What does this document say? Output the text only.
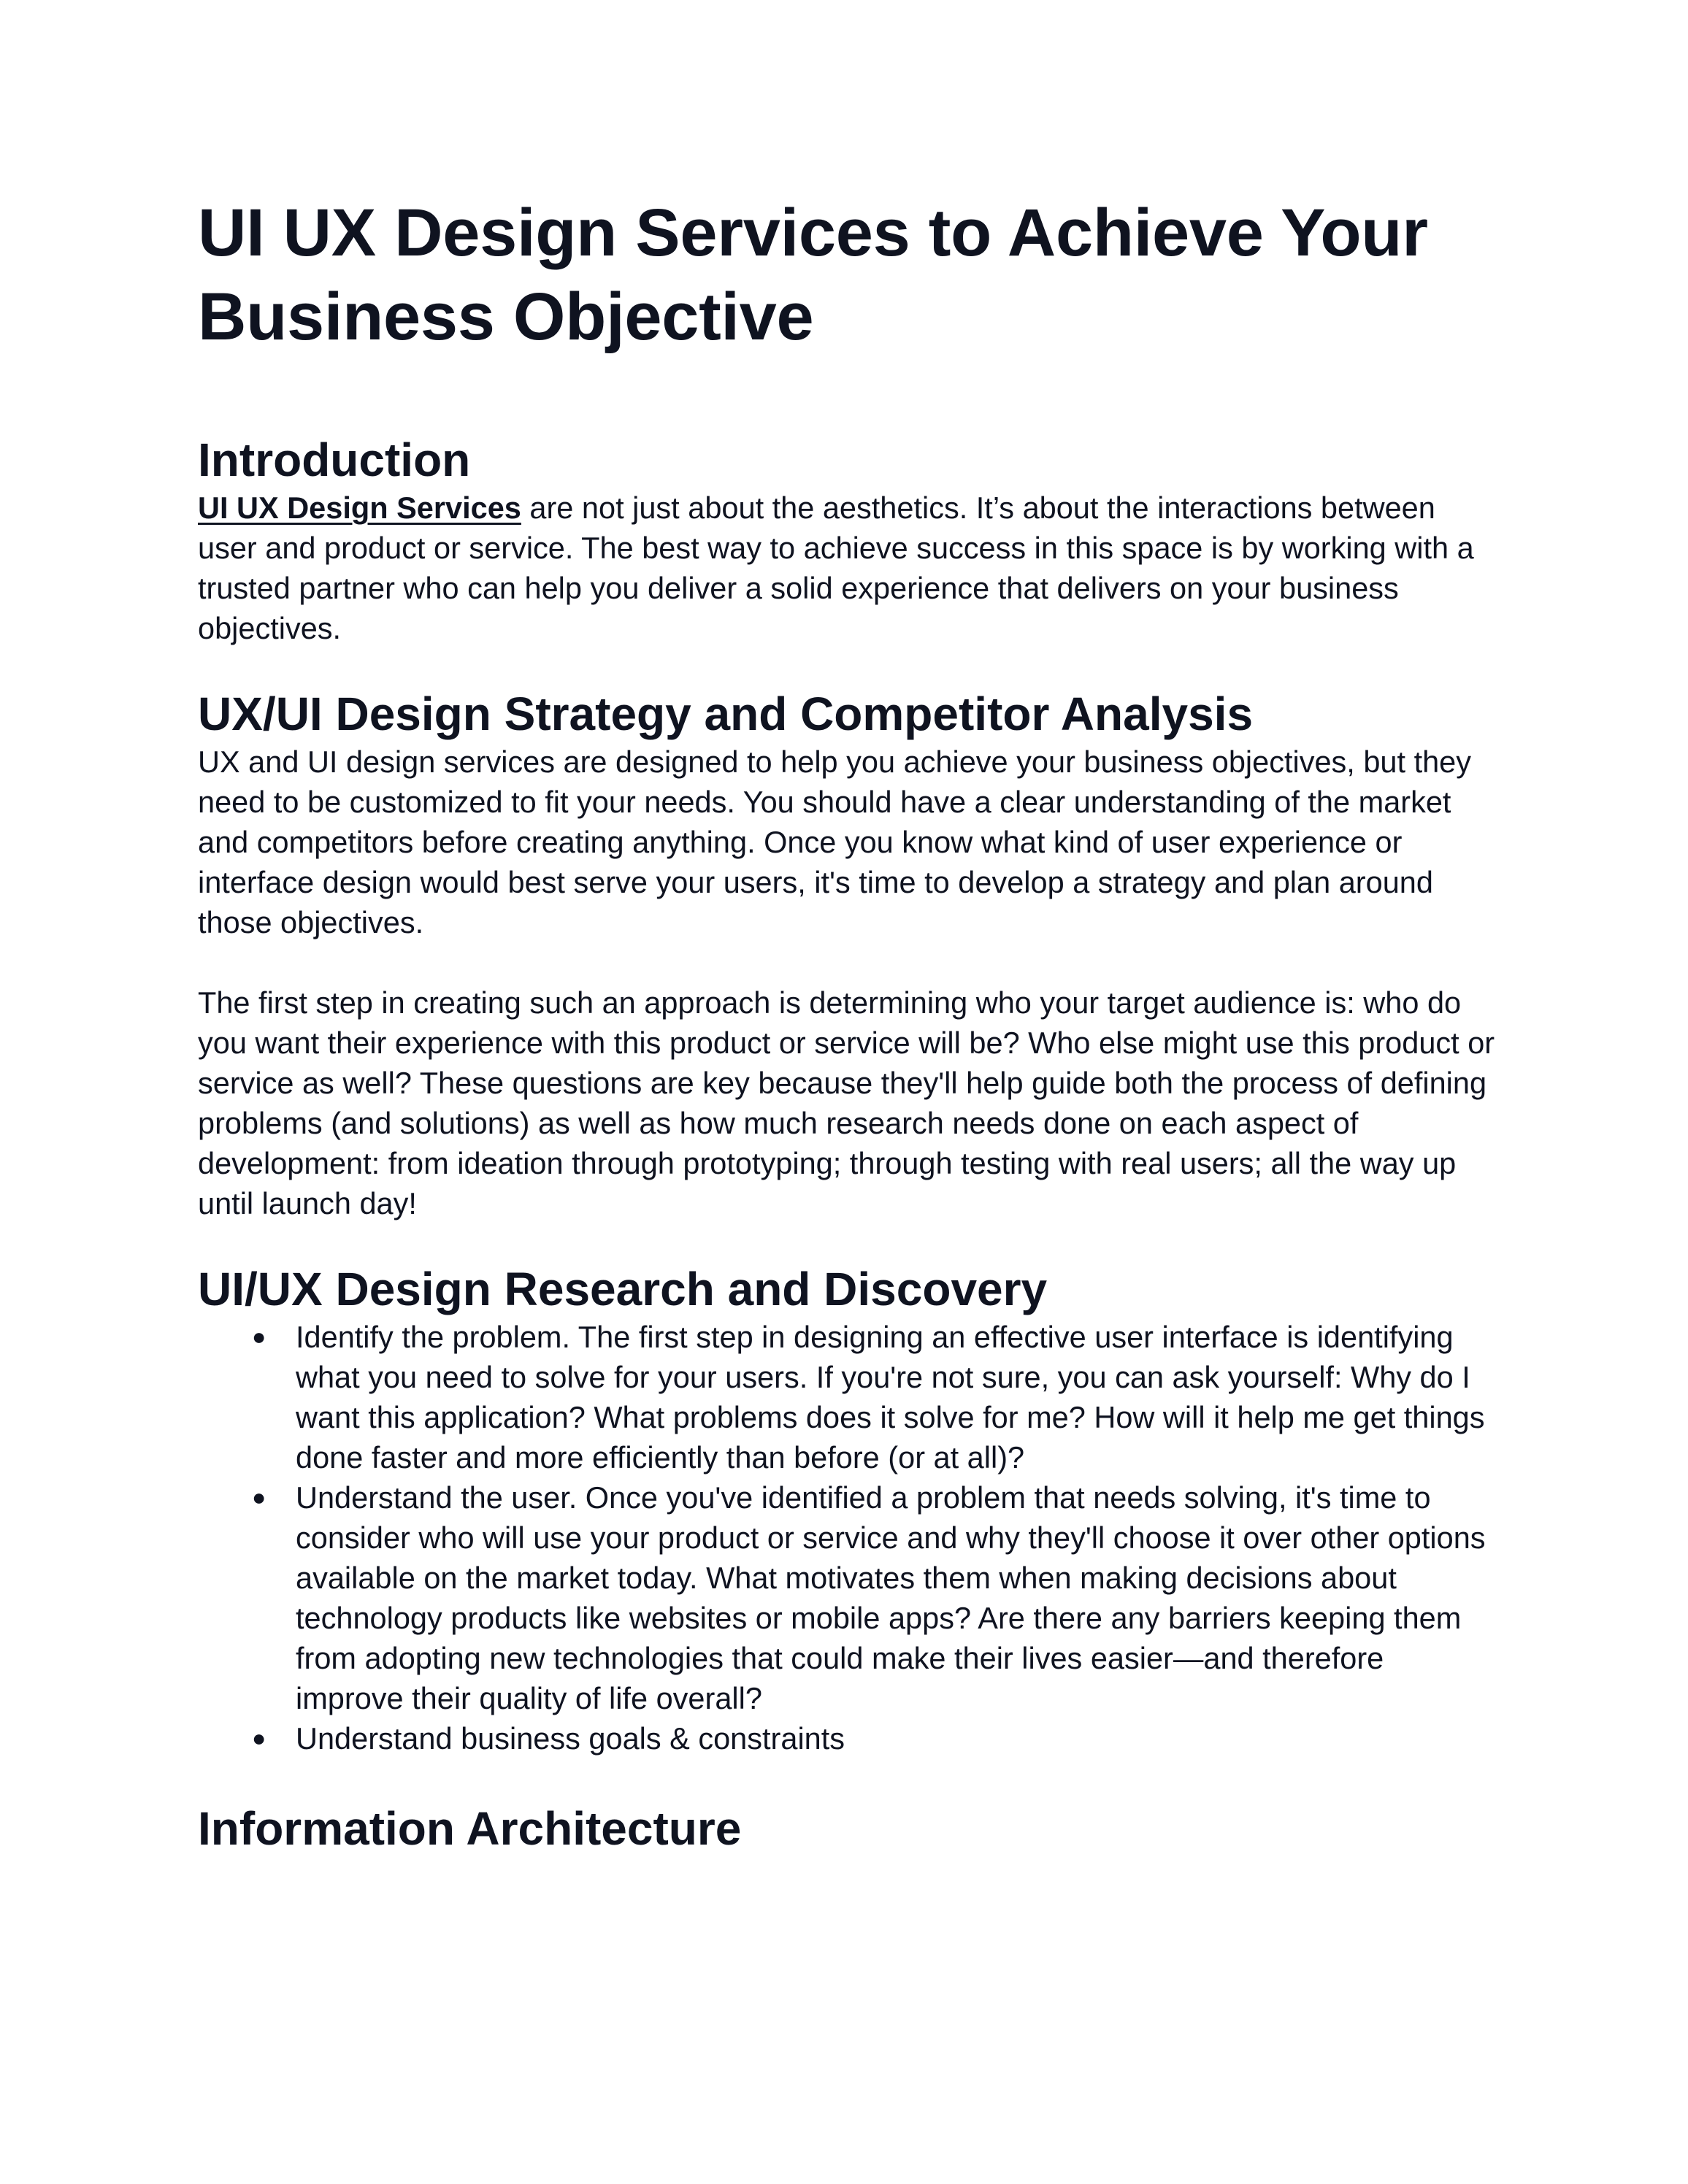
UI UX Design Services to Achieve Your Business Objective
Introduction

UI UX Design Services are not just about the aesthetics. It’s about the interactions between user and product or service. The best way to achieve success in this space is by working with a trusted partner who can help you deliver a solid experience that delivers on your business objectives.

UX/UI Design Strategy and Competitor Analysis

UX and UI design services are designed to help you achieve your business objectives, but they need to be customized to fit your needs. You should have a clear understanding of the market and competitors before creating anything. Once you know what kind of user experience or interface design would best serve your users, it's time to develop a strategy and plan around those objectives.

The first step in creating such an approach is determining who your target audience is: who do you want their experience with this product or service will be? Who else might use this product or service as well? These questions are key because they'll help guide both the process of defining problems (and solutions) as well as how much research needs done on each aspect of development: from ideation through prototyping; through testing with real users; all the way up until launch day!

UI/UX Design Research and Discovery
● Identify the problem. The first step in designing an effective user interface is identifying what you need to solve for your users. If you're not sure, you can ask yourself: Why do I want this application? What problems does it solve for me? How will it help me get things done faster and more efficiently than before (or at all)?
● Understand the user. Once you've identified a problem that needs solving, it's time to consider who will use your product or service and why they'll choose it over other options available on the market today. What motivates them when making decisions about technology products like websites or mobile apps? Are there any barriers keeping them from adopting new technologies that could make their lives easier—and therefore improve their quality of life overall?
● Understand business goals & constraints
Information Architecture
